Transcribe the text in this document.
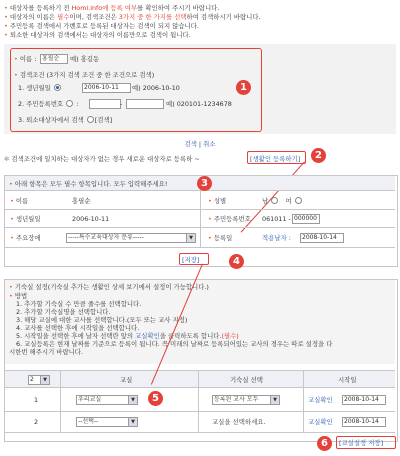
• 대상자를 등록하기 전 Homi.info에 등록 여부를 확인하여 주시기 바랍니다.
• 대상자의 이름은 필수이며, 검색조건은 3가지 중 한 가지를 선택하여 검색하시기 바랍니다.
• 주민등록 검색에서 가벤호로 등록된 대상자는 검색이 되지 않습니다.
• 퇴소한 대상자의 검색에서는 대상자의 이름만으로 검색이 됩니다.
• 이름 : 홍필순	예) 홍길동
• 검색조건 (3가지 검색 조건 중 한 조건으로 검색)
1. 생년월일	2006-10-11	예) 2006-10-10
2. 주민등록번호  :	-	예) 020101-1234678
3. 퇴소대상자에서 검색 [검색]
1
검색 | 취소
✻ 검색조건에 일치하는 대상자가 없는 경우 새로운 대상자로 등록하 ~	[생활인 등록하기]	2
• 아래 항목은 모두 필수 항목입니다. 모두 입력해주세요!	3
• 이름	홍필순	• 성별	남	여
• 생년월일	2006-10-11	• 주민등록번호 061011 - 000000
• 주요장애	-----특수교육대상자 분류-----	▼	• 등록일	적용날자 :	2008-10-14
[저장]	4
• 기숙실 설정(기숙실 추가는 생활인 상세 보기에서 설정이 가능합니다.)
• 방법
1. 추가할 기숙실 수 만큼 줄수를 선택합니다.
2. 추가할 기숙실명을 선택합니다.
3. 해당 교실에 대한 교사를 선택합니다.(모두 또는 교사 지정)
4. 교사를 선택한 후에 시작일을 선택합니다.
5. 시작일을 선택한 후에 날자 선택란 앞의 교실확인을 클릭하도록 합니다.(필수)
6. 교실등록은 현재 날짜를 기준으로 등록이 됩니다. 꼭 미래의 날짜로 등록되어있는 교사의 경우는 따로 설정을 다
시한번 해주시기 바랍니다.
2	▼	교실	기숙실 선택	시작일
1	우리교실	▼	등록된 교사 모두	▼	교실확인	2008-10-14
2	--선택--	▼	교실을 선택하세요.	교실확인	2008-10-14
5
[교실설정 저장]
6
